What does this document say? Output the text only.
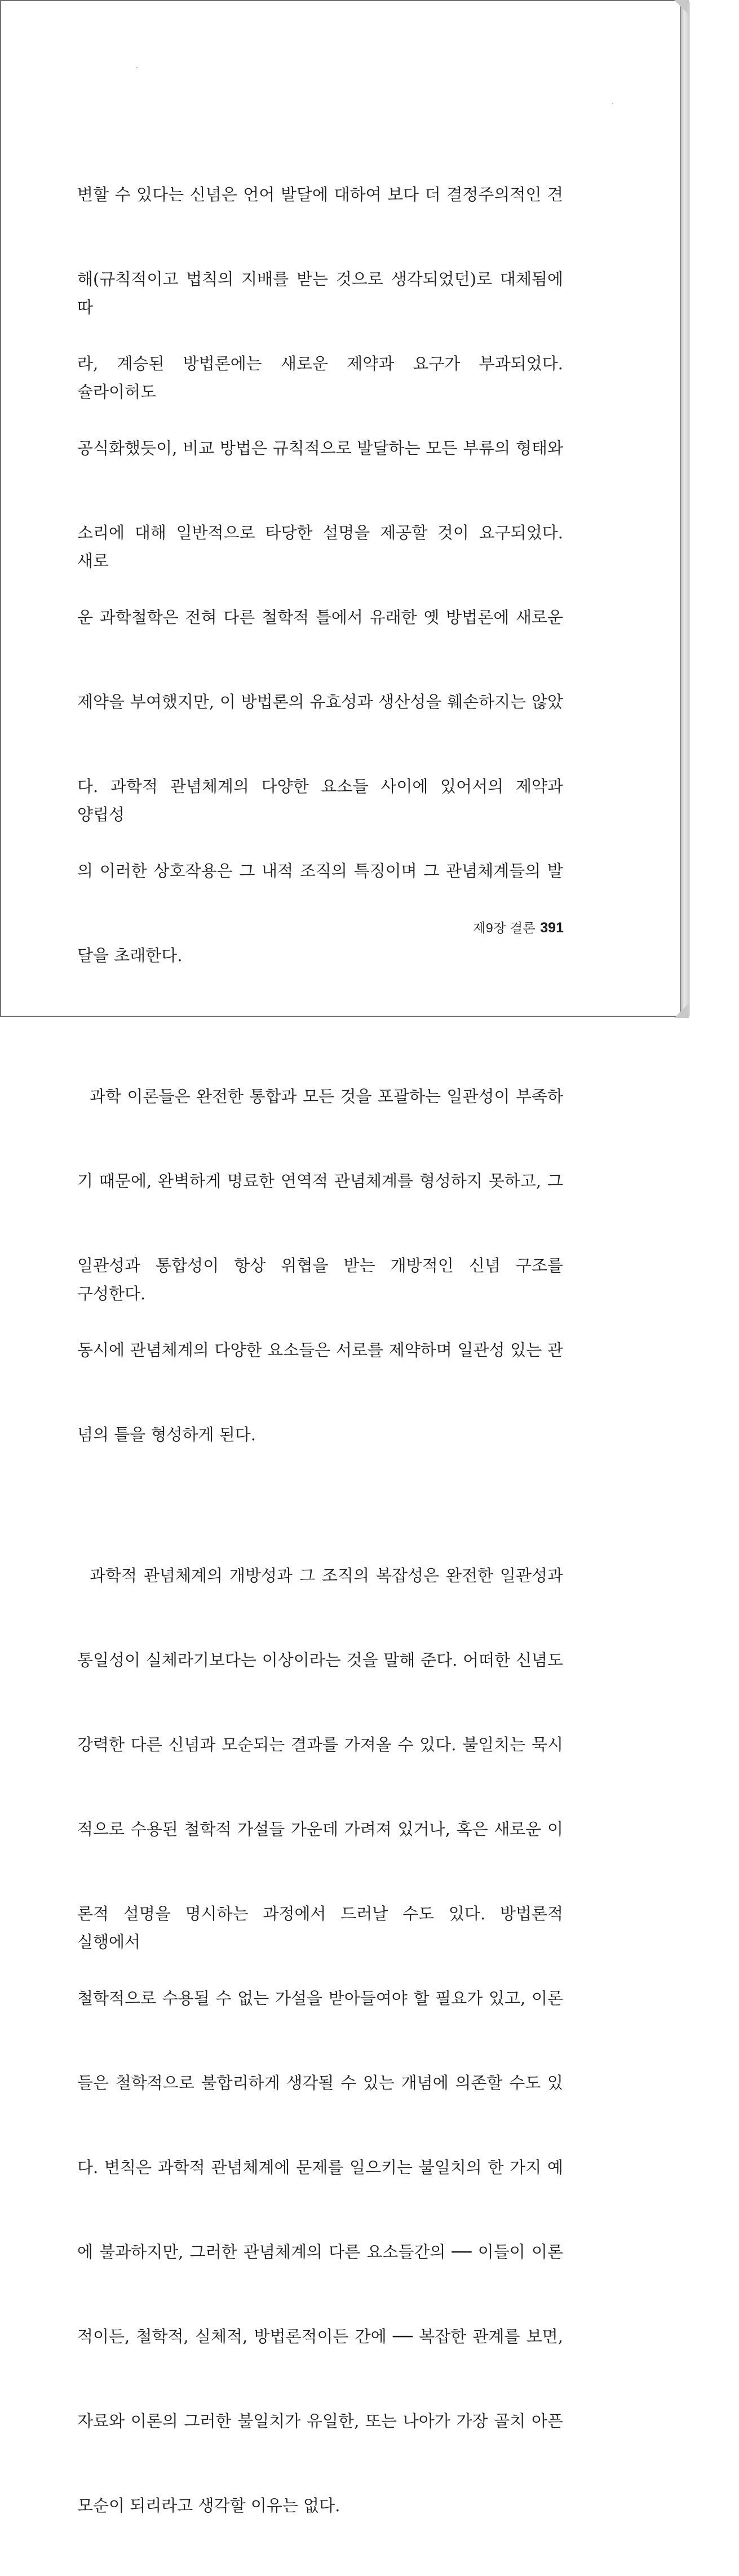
변할 수 있다는 신념은 언어 발달에 대하여 보다 더 결정주의적인 견

해(규칙적이고 법칙의 지배를 받는 것으로 생각되었던)로 대체됨에 따

라, 계승된 방법론에는 새로운 제약과 요구가 부과되었다. 슐라이허도

공식화했듯이, 비교 방법은 규칙적으로 발달하는 모든 부류의 형태와

소리에 대해 일반적으로 타당한 설명을 제공할 것이 요구되었다. 새로

운 과학철학은 전혀 다른 철학적 틀에서 유래한 옛 방법론에 새로운

제약을 부여했지만, 이 방법론의 유효성과 생산성을 훼손하지는 않았

다. 과학적 관념체계의 다양한 요소들 사이에 있어서의 제약과 양립성

의 이러한 상호작용은 그 내적 조직의 특징이며 그 관념체계들의 발

달을 초래한다.

과학 이론들은 완전한 통합과 모든 것을 포괄하는 일관성이 부족하

기 때문에, 완벽하게 명료한 연역적 관념체계를 형성하지 못하고, 그

일관성과 통합성이 항상 위협을 받는 개방적인 신념 구조를 구성한다.

동시에 관념체계의 다양한 요소들은 서로를 제약하며 일관성 있는 관

념의 틀을 형성하게 된다.

과학적 관념체계의 개방성과 그 조직의 복잡성은 완전한 일관성과

통일성이 실체라기보다는 이상이라는 것을 말해 준다. 어떠한 신념도

강력한 다른 신념과 모순되는 결과를 가져올 수 있다. 불일치는 묵시

적으로 수용된 철학적 가설들 가운데 가려져 있거나, 혹은 새로운 이

론적 설명을 명시하는 과정에서 드러날 수도 있다. 방법론적 실행에서

철학적으로 수용될 수 없는 가설을 받아들여야 할 필요가 있고, 이론

들은 철학적으로 불합리하게 생각될 수 있는 개념에 의존할 수도 있

다. 변칙은 과학적 관념체계에 문제를 일으키는 불일치의 한 가지 예

에 불과하지만, 그러한 관념체계의 다른 요소들간의 ── 이들이 이론

적이든, 철학적, 실체적, 방법론적이든 간에 ── 복잡한 관계를 보면,

자료와 이론의 그러한 불일치가 유일한, 또는 나아가 가장 골치 아픈

모순이 되리라고 생각할 이유는 없다.

제9장 결론 391
